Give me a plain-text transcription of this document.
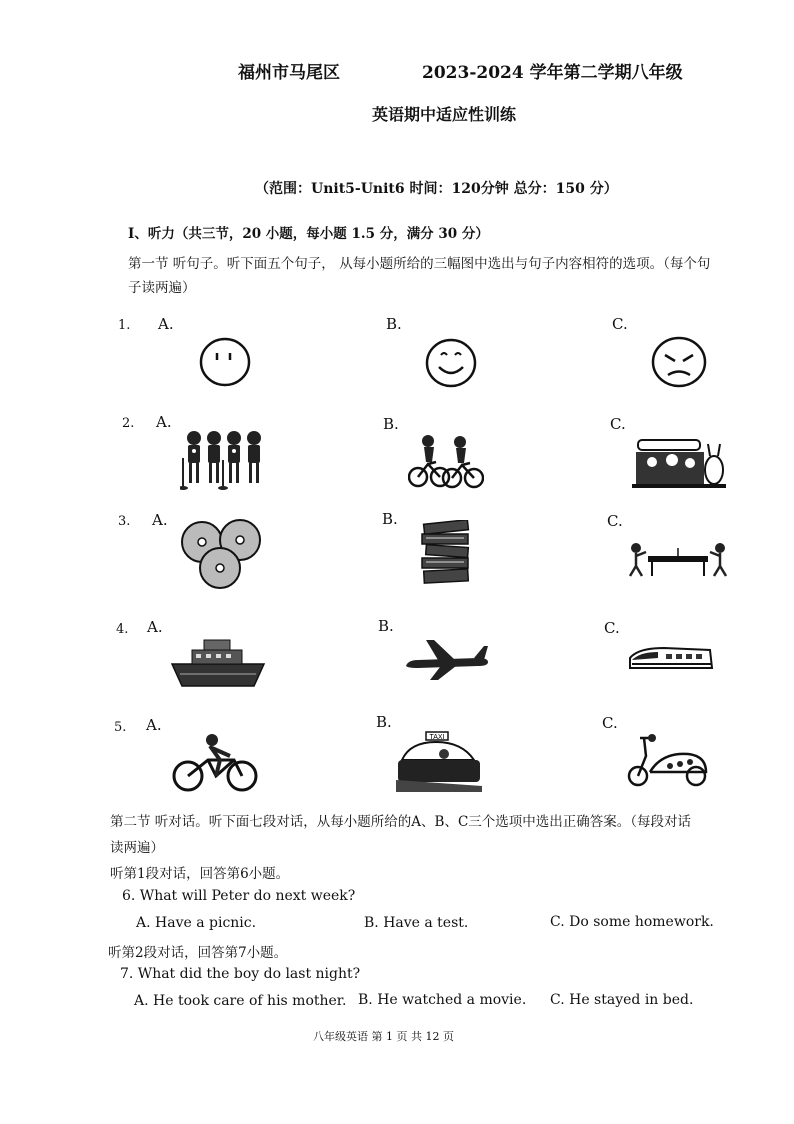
福州市马尾区	2023-2024 学年第二学期八年级
英语期中适应性训练
（范围：Unit5-Unit6 时间：120分钟 总分：150 分）
Ⅰ、听力（共三节，20 小题，每小题 1.5 分，满分 30 分）
第一节 听句子。听下面五个句子， 从每小题所给的三幅图中选出与句子内容相符的选项。（每个句
子读两遍）
1. A.	B.	C.
2. A.	B.	C.
3. A.	B.	C.
4. A.	B.	C.
5. A.	B.	C.
TAXI
第二节 听对话。听下面七段对话，从每小题所给的A、B、C三个选项中选出正确答案。（每段对话
读两遍）
听第1段对话，回答第6小题。
6. What will Peter do next week?
A. Have a picnic.	B. Have a test.	C. Do some homework.
听第2段对话，回答第7小题。
7. What did the boy do last night?
A. He took care of his mother. B. He watched a movie. C. He stayed in bed.
八年级英语 第 1 页 共 12 页
